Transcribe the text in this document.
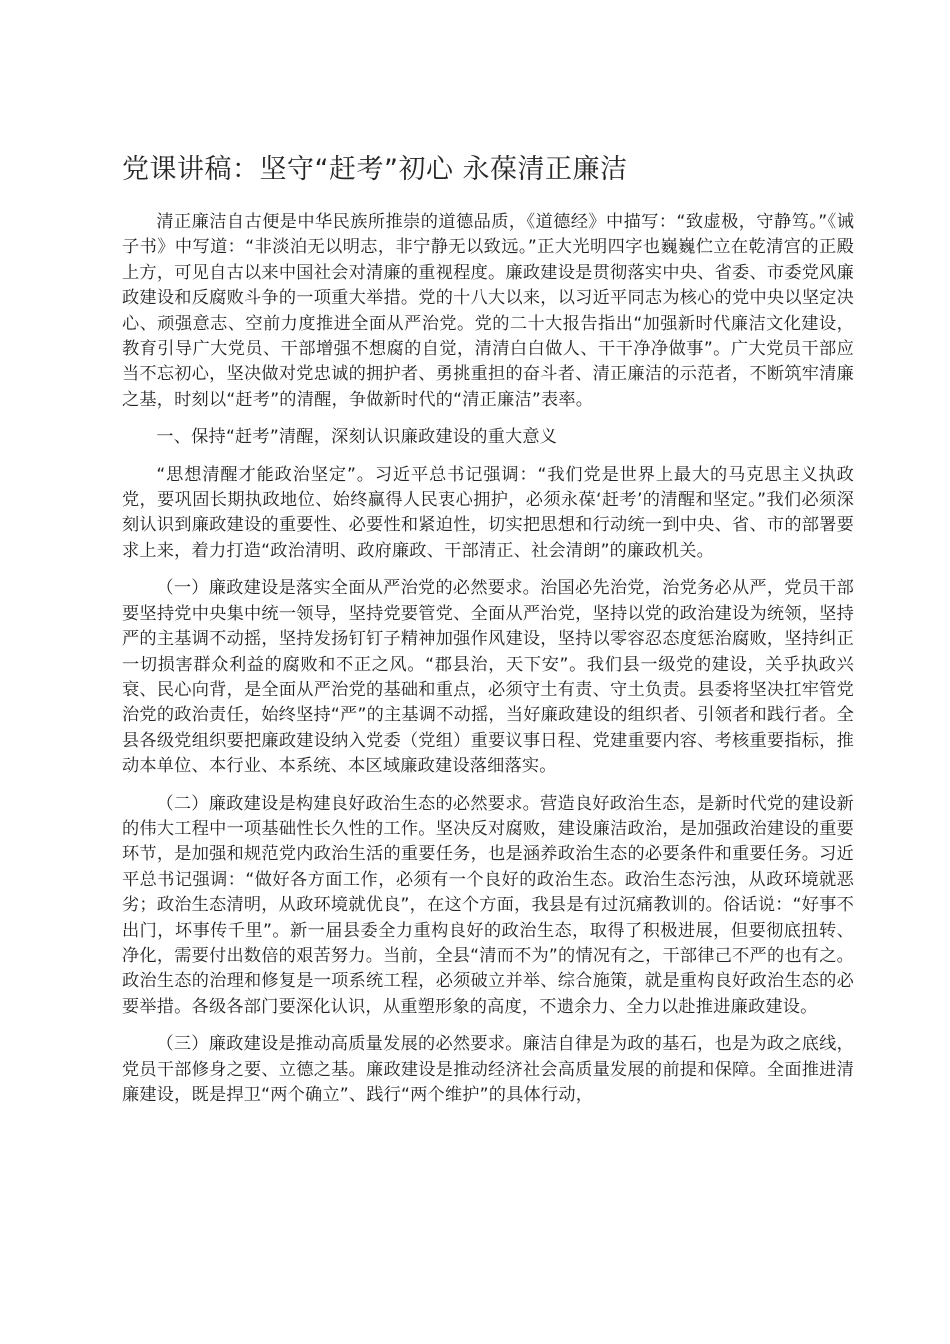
党课讲稿：坚守“赶考”初心 永葆清正廉洁

清正廉洁自古便是中华民族所推崇的道德品质，《道德经》中描写：“致虚极，守静笃。”《诫子书》中写道：“非淡泊无以明志，非宁静无以致远。”正大光明四字也巍巍伫立在乾清宫的正殿上方，可见自古以来中国社会对清廉的重视程度。廉政建设是贯彻落实中央、省委、市委党风廉政建设和反腐败斗争的一项重大举措。党的十八大以来，以习近平同志为核心的党中央以坚定决心、顽强意志、空前力度推进全面从严治党。党的二十大报告指出“加强新时代廉洁文化建设，教育引导广大党员、干部增强不想腐的自觉，清清白白做人、干干净净做事”。广大党员干部应当不忘初心，坚决做对党忠诚的拥护者、勇挑重担的奋斗者、清正廉洁的示范者，不断筑牢清廉之基，时刻以“赶考”的清醒，争做新时代的“清正廉洁”表率。

一、保持“赶考”清醒，深刻认识廉政建设的重大意义

“思想清醒才能政治坚定”。习近平总书记强调：“我们党是世界上最大的马克思主义执政党，要巩固长期执政地位、始终赢得人民衷心拥护，必须永葆‘赶考’的清醒和坚定。”我们必须深刻认识到廉政建设的重要性、必要性和紧迫性，切实把思想和行动统一到中央、省、市的部署要求上来，着力打造“政治清明、政府廉政、干部清正、社会清朗”的廉政机关。

（一）廉政建设是落实全面从严治党的必然要求。治国必先治党，治党务必从严，党员干部要坚持党中央集中统一领导，坚持党要管党、全面从严治党，坚持以党的政治建设为统领，坚持严的主基调不动摇，坚持发扬钉钉子精神加强作风建设，坚持以零容忍态度惩治腐败，坚持纠正一切损害群众利益的腐败和不正之风。“郡县治，天下安”。我们县一级党的建设，关乎执政兴衰、民心向背，是全面从严治党的基础和重点，必须守土有责、守土负责。县委将坚决扛牢管党治党的政治责任，始终坚持“严”的主基调不动摇，当好廉政建设的组织者、引领者和践行者。全县各级党组织要把廉政建设纳入党委（党组）重要议事日程、党建重要内容、考核重要指标，推动本单位、本行业、本系统、本区域廉政建设落细落实。

（二）廉政建设是构建良好政治生态的必然要求。营造良好政治生态，是新时代党的建设新的伟大工程中一项基础性长久性的工作。坚决反对腐败，建设廉洁政治，是加强政治建设的重要环节，是加强和规范党内政治生活的重要任务，也是涵养政治生态的必要条件和重要任务。习近平总书记强调：“做好各方面工作，必须有一个良好的政治生态。政治生态污浊，从政环境就恶劣；政治生态清明，从政环境就优良”，在这个方面，我县是有过沉痛教训的。俗话说：“好事不出门，坏事传千里”。新一届县委全力重构良好的政治生态，取得了积极进展，但要彻底扭转、净化，需要付出数倍的艰苦努力。当前，全县“清而不为”的情况有之，干部律己不严的也有之。政治生态的治理和修复是一项系统工程，必须破立并举、综合施策，就是重构良好政治生态的必要举措。各级各部门要深化认识，从重塑形象的高度，不遗余力、全力以赴推进廉政建设。

（三）廉政建设是推动高质量发展的必然要求。廉洁自律是为政的基石，也是为政之底线，党员干部修身之要、立德之基。廉政建设是推动经济社会高质量发展的前提和保障。全面推进清廉建设，既是捍卫“两个确立”、践行“两个维护”的具体行动，
